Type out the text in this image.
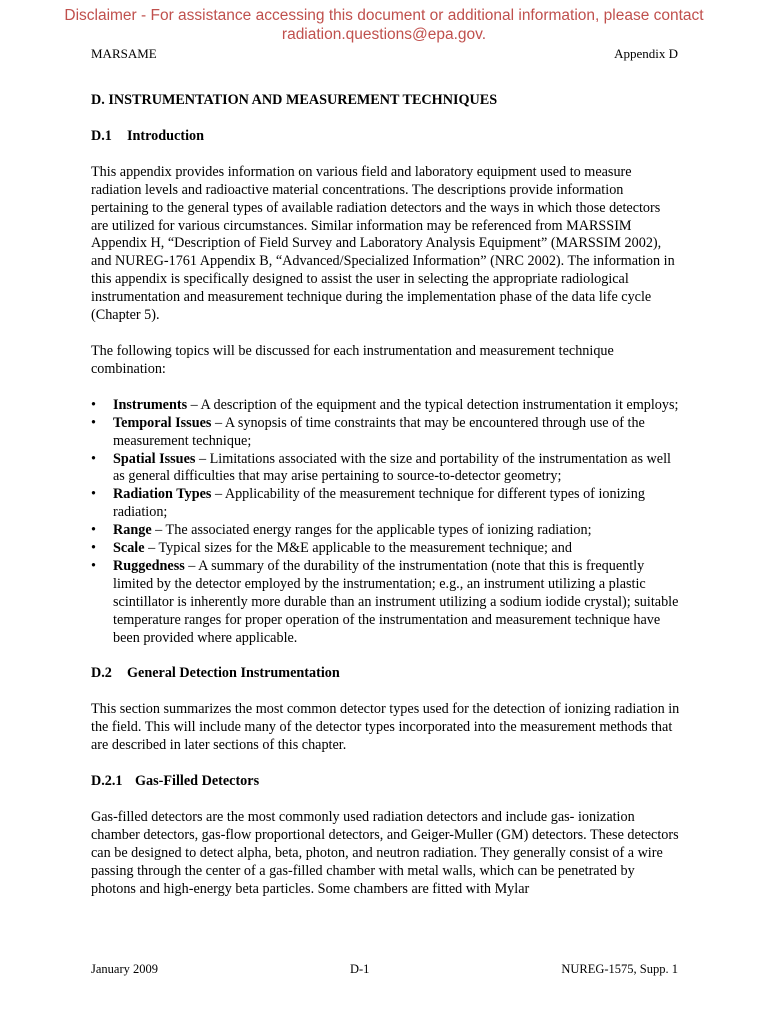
Disclaimer - For assistance accessing this document or additional information, please contact
radiation.questions@epa.gov.
MARSAME	Appendix D
D. INSTRUMENTATION AND MEASUREMENT TECHNIQUES
D.1 Introduction

This appendix provides information on various field and laboratory equipment used to measure radiation levels and radioactive material concentrations. The descriptions provide information pertaining to the general types of available radiation detectors and the ways in which those detectors are utilized for various circumstances. Similar information may be referenced from MARSSIM Appendix H, “Description of Field Survey and Laboratory Analysis Equipment” (MARSSIM 2002), and NUREG-1761 Appendix B, “Advanced/Specialized Information” (NRC 2002). The information in this appendix is specifically designed to assist the user in selecting the appropriate radiological instrumentation and measurement technique during the implementation phase of the data life cycle (Chapter 5).

The following topics will be discussed for each instrumentation and measurement technique combination:

• Instruments – A description of the equipment and the typical detection instrumentation it employs;
• Temporal Issues – A synopsis of time constraints that may be encountered through use of the measurement technique;
• Spatial Issues – Limitations associated with the size and portability of the instrumentation as well as general difficulties that may arise pertaining to source-to-detector geometry;
• Radiation Types – Applicability of the measurement technique for different types of ionizing radiation;
• Range – The associated energy ranges for the applicable types of ionizing radiation;
• Scale – Typical sizes for the M&E applicable to the measurement technique; and
• Ruggedness – A summary of the durability of the instrumentation (note that this is frequently limited by the detector employed by the instrumentation; e.g., an instrument utilizing a plastic scintillator is inherently more durable than an instrument utilizing a sodium iodide crystal); suitable temperature ranges for proper operation of the instrumentation and measurement technique have been provided where applicable.
D.2 General Detection Instrumentation

This section summarizes the most common detector types used for the detection of ionizing radiation in the field. This will include many of the detector types incorporated into the measurement methods that are described in later sections of this chapter.

D.2.1 Gas-Filled Detectors

Gas-filled detectors are the most commonly used radiation detectors and include gas- ionization chamber detectors, gas-flow proportional detectors, and Geiger-Muller (GM) detectors. These detectors can be designed to detect alpha, beta, photon, and neutron radiation. They generally consist of a wire passing through the center of a gas-filled chamber with metal walls, which can be penetrated by photons and high-energy beta particles. Some chambers are fitted with Mylar

January 2009	D-1	NUREG-1575, Supp. 1
